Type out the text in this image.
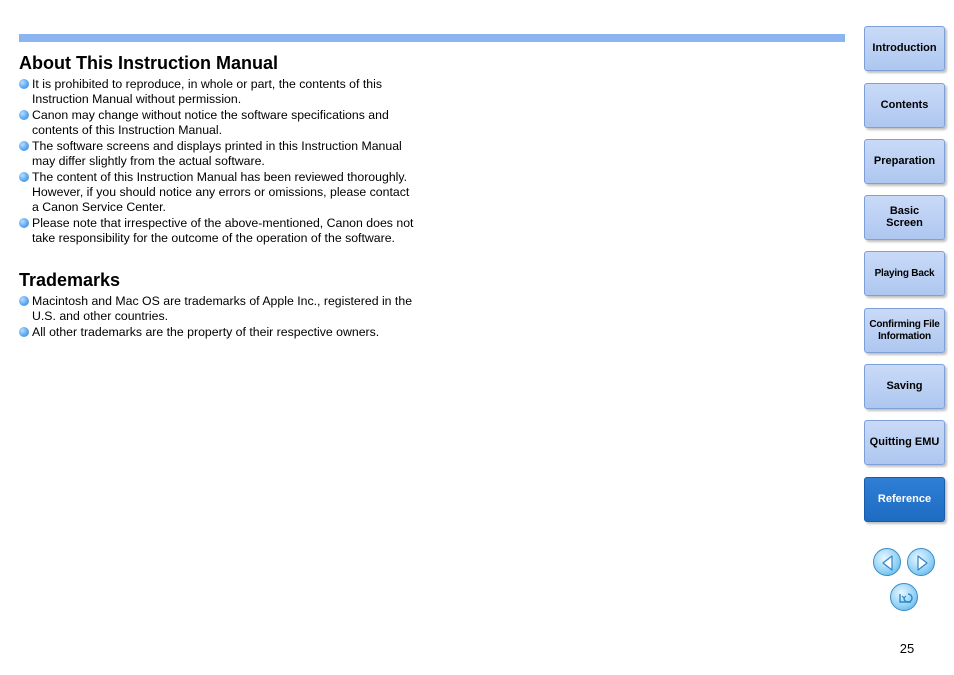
About This Instruction Manual
It is prohibited to reproduce, in whole or part, the contents of this Instruction Manual without permission.
Canon may change without notice the software specifications and contents of this Instruction Manual.
The software screens and displays printed in this Instruction Manual may differ slightly from the actual software.
The content of this Instruction Manual has been reviewed thoroughly. However, if you should notice any errors or omissions, please contact a Canon Service Center.
Please note that irrespective of the above-mentioned, Canon does not take responsibility for the outcome of the operation of the software.
Trademarks
Macintosh and Mac OS are trademarks of Apple Inc., registered in the U.S. and other countries.
All other trademarks are the property of their respective owners.
Introduction
Contents
Preparation
Basic
Screen
Playing Back
Confirming File
Information
Saving
Quitting EMU
Reference
25
